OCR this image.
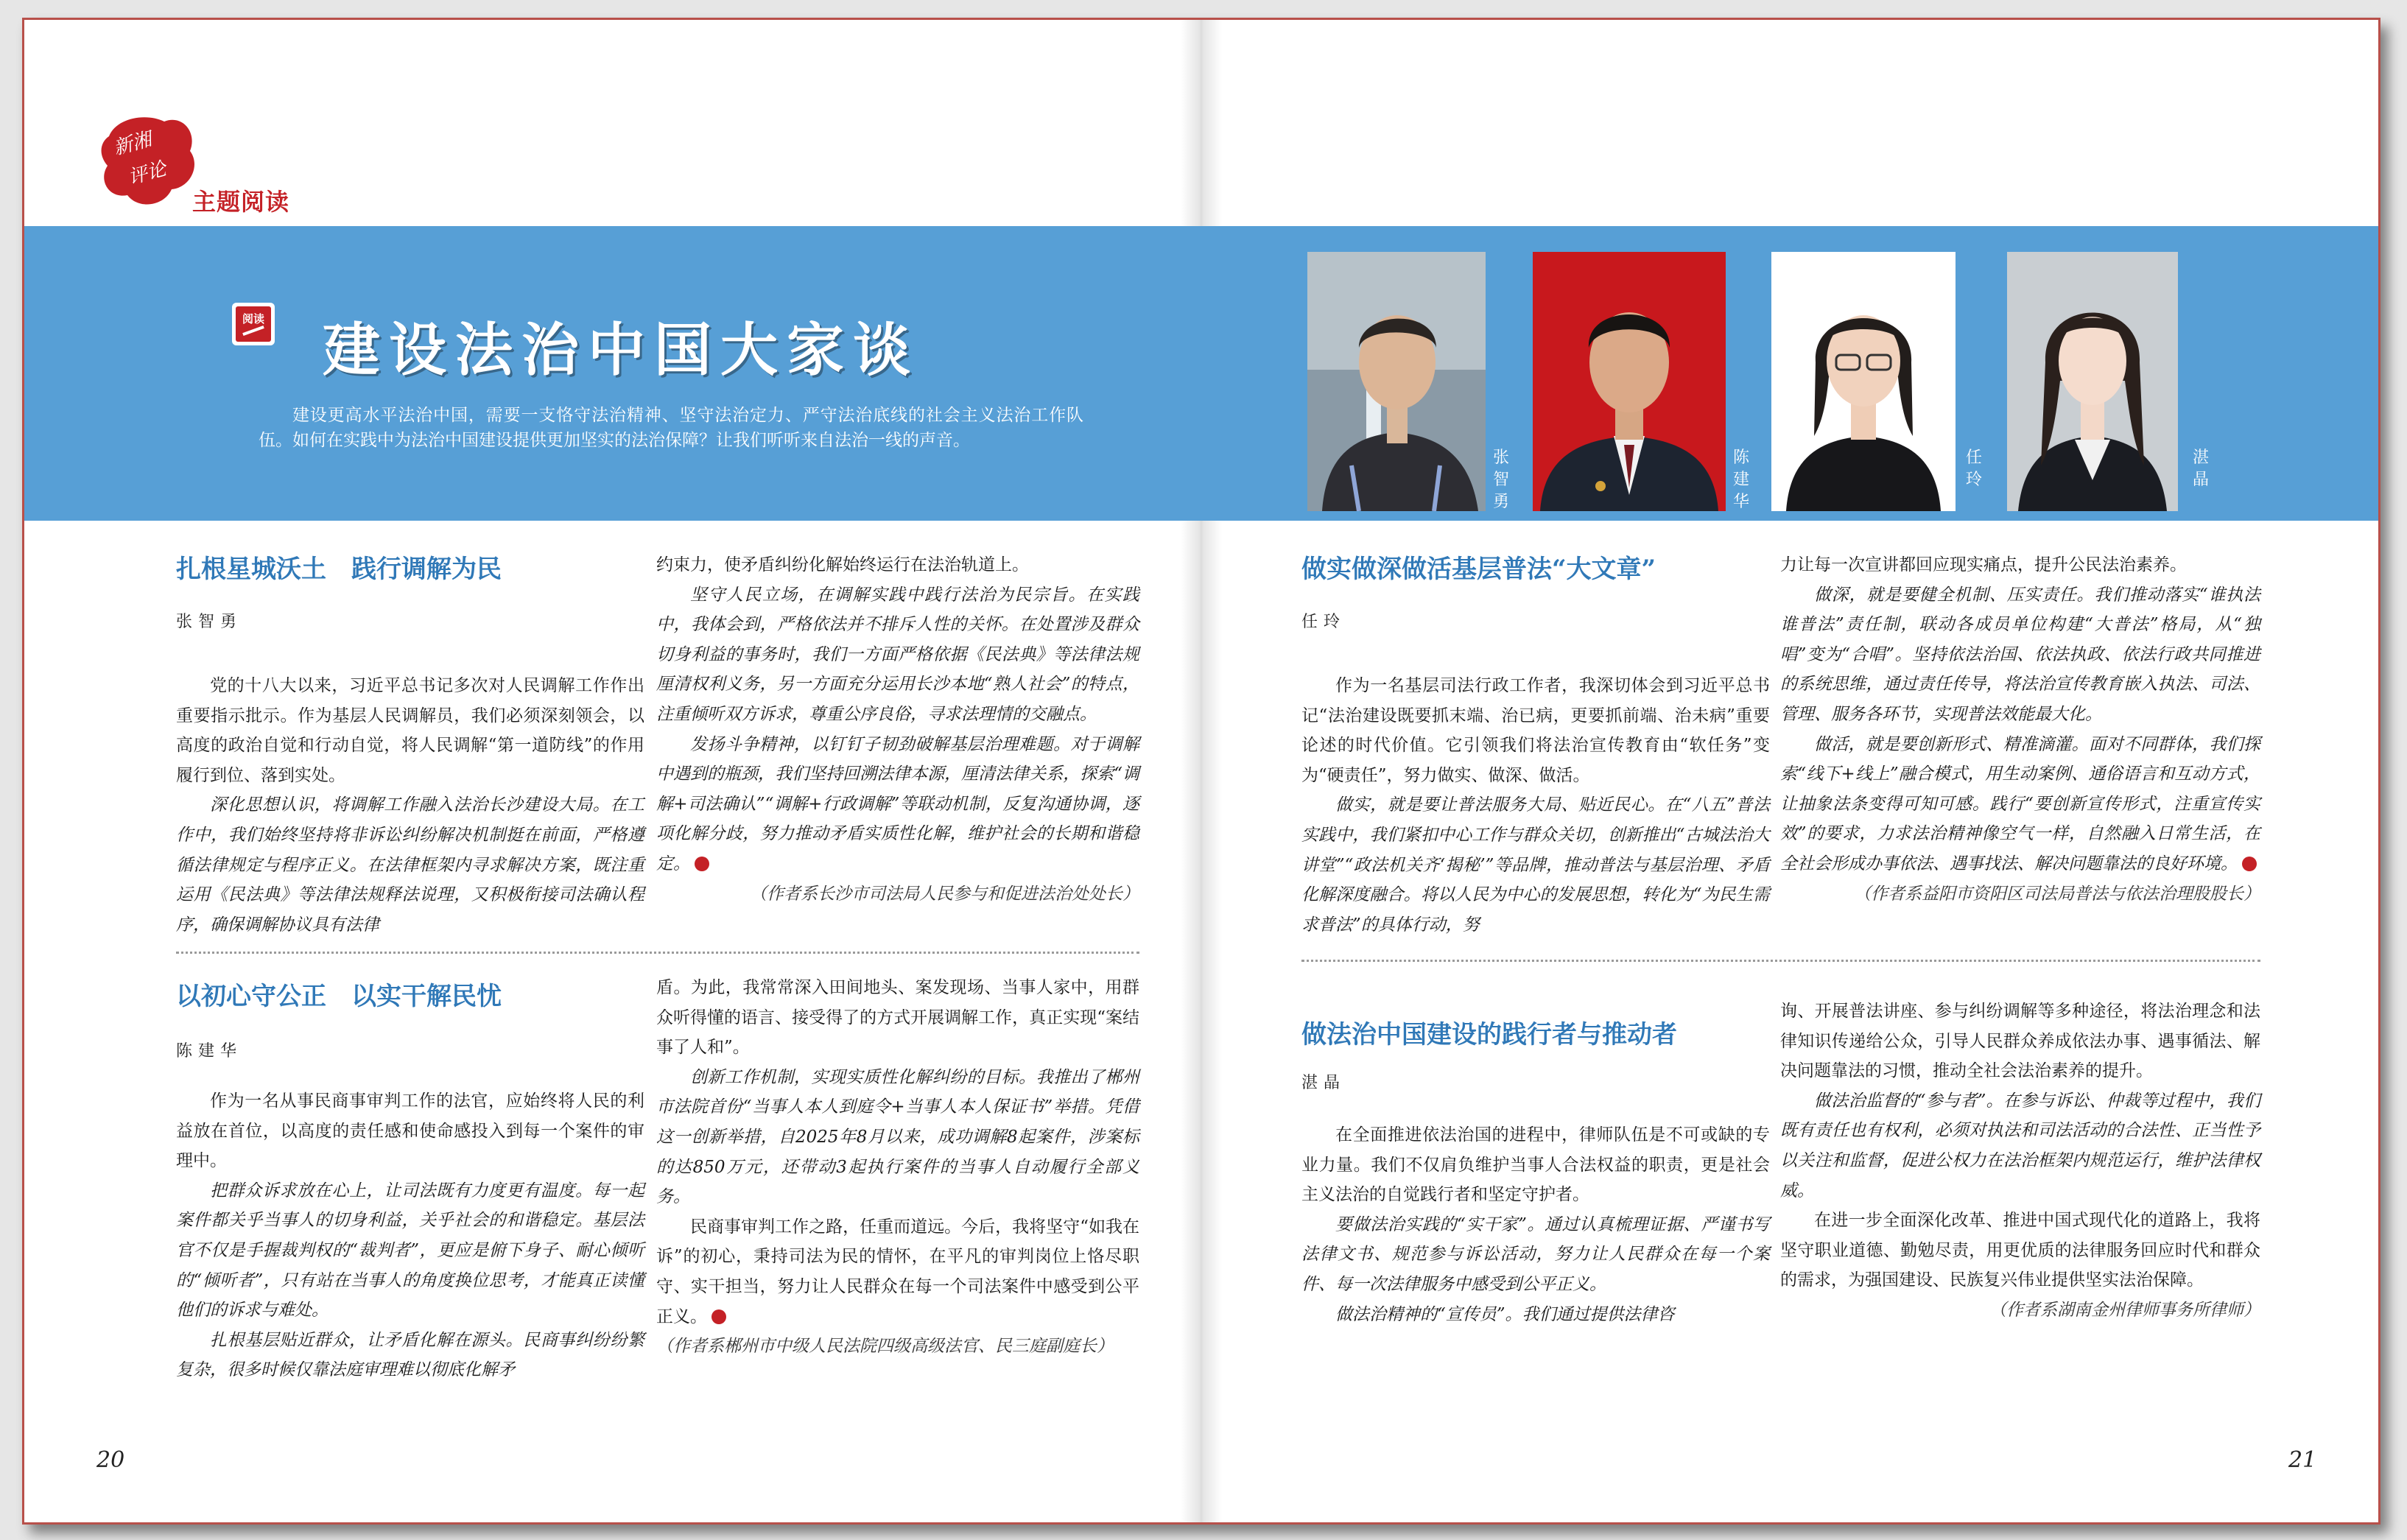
新湘
评论
主题阅读
阅读 建设法治中国大家谈
建设更高水平法治中国，需要一支恪守法治精神、坚守法治定力、严守法治底线的社会主义法治工作队伍。如何在实践中为法治中国建设提供更加坚实的法治保障？让我们听听来自法治一线的声音。
张智勇
陈建华
任玲
湛晶
扎根星城沃土　践行调解为民
张智勇

党的十八大以来，习近平总书记多次对人民调解工作作出重要指示批示。作为基层人民调解员，我们必须深刻领会，以高度的政治自觉和行动自觉，将人民调解“第一道防线”的作用履行到位、落到实处。

深化思想认识，将调解工作融入法治长沙建设大局。在工作中，我们始终坚持将非诉讼纠纷解决机制挺在前面，严格遵循法律规定与程序正义。在法律框架内寻求解决方案，既注重运用《民法典》等法律法规释法说理，又积极衔接司法确认程序，确保调解协议具有法律

约束力，使矛盾纠纷化解始终运行在法治轨道上。

坚守人民立场，在调解实践中践行法治为民宗旨。在实践中，我体会到，严格依法并不排斥人性的关怀。在处置涉及群众切身利益的事务时，我们一方面严格依据《民法典》等法律法规厘清权利义务，另一方面充分运用长沙本地“熟人社会”的特点，注重倾听双方诉求，尊重公序良俗，寻求法理情的交融点。

发扬斗争精神，以钉钉子韧劲破解基层治理难题。对于调解中遇到的瓶颈，我们坚持回溯法律本源，厘清法律关系，探索“调解+司法确认”“调解+行政调解”等联动机制，反复沟通协调，逐项化解分歧，努力推动矛盾实质性化解，维护社会的长期和谐稳定。

（作者系长沙市司法局人民参与和促进法治处处长）

以初心守公正　以实干解民忧
陈建华

作为一名从事民商事审判工作的法官，应始终将人民的利益放在首位，以高度的责任感和使命感投入到每一个案件的审理中。

把群众诉求放在心上，让司法既有力度更有温度。每一起案件都关乎当事人的切身利益，关乎社会的和谐稳定。基层法官不仅是手握裁判权的“裁判者”，更应是俯下身子、耐心倾听的“倾听者”，只有站在当事人的角度换位思考，才能真正读懂他们的诉求与难处。

扎根基层贴近群众，让矛盾化解在源头。民商事纠纷纷繁复杂，很多时候仅靠法庭审理难以彻底化解矛

盾。为此，我常常深入田间地头、案发现场、当事人家中，用群众听得懂的语言、接受得了的方式开展调解工作，真正实现“案结事了人和”。

创新工作机制，实现实质性化解纠纷的目标。我推出了郴州市法院首份“当事人本人到庭令+当事人本人保证书”举措。凭借这一创新举措，自2025年8月以来，成功调解8起案件，涉案标的达850万元，还带动3起执行案件的当事人自动履行全部义务。

民商事审判工作之路，任重而道远。今后，我将坚守“如我在诉”的初心，秉持司法为民的情怀，在平凡的审判岗位上恪尽职守、实干担当，努力让人民群众在每一个司法案件中感受到公平正义。

（作者系郴州市中级人民法院四级高级法官、民三庭副庭长）

做实做深做活基层普法“大文章”
任玲

作为一名基层司法行政工作者，我深切体会到习近平总书记“法治建设既要抓末端、治已病，更要抓前端、治未病”重要论述的时代价值。它引领我们将法治宣传教育由“软任务”变为“硬责任”，努力做实、做深、做活。

做实，就是要让普法服务大局、贴近民心。在“八五”普法实践中，我们紧扣中心工作与群众关切，创新推出“古城法治大讲堂”“政法机关齐‘揭秘’”等品牌，推动普法与基层治理、矛盾化解深度融合。将以人民为中心的发展思想，转化为“为民生需求普法”的具体行动，努

力让每一次宣讲都回应现实痛点，提升公民法治素养。

做深，就是要健全机制、压实责任。我们推动落实“谁执法谁普法”责任制，联动各成员单位构建“大普法”格局，从“独唱”变为“合唱”。坚持依法治国、依法执政、依法行政共同推进的系统思维，通过责任传导，将法治宣传教育嵌入执法、司法、管理、服务各环节，实现普法效能最大化。

做活，就是要创新形式、精准滴灌。面对不同群体，我们探索“线下+线上”融合模式，用生动案例、通俗语言和互动方式，让抽象法条变得可知可感。践行“要创新宣传形式，注重宣传实效”的要求，力求法治精神像空气一样，自然融入日常生活，在全社会形成办事依法、遇事找法、解决问题靠法的良好环境。

（作者系益阳市资阳区司法局普法与依法治理股股长）

做法治中国建设的践行者与推动者
湛晶

在全面推进依法治国的进程中，律师队伍是不可或缺的专业力量。我们不仅肩负维护当事人合法权益的职责，更是社会主义法治的自觉践行者和坚定守护者。

要做法治实践的“实干家”。通过认真梳理证据、严谨书写法律文书、规范参与诉讼活动，努力让人民群众在每一个案件、每一次法律服务中感受到公平正义。

做法治精神的“宣传员”。我们通过提供法律咨

询、开展普法讲座、参与纠纷调解等多种途径，将法治理念和法律知识传递给公众，引导人民群众养成依法办事、遇事循法、解决问题靠法的习惯，推动全社会法治素养的提升。

做法治监督的“参与者”。在参与诉讼、仲裁等过程中，我们既有责任也有权利，必须对执法和司法活动的合法性、正当性予以关注和监督，促进公权力在法治框架内规范运行，维护法律权威。

在进一步全面深化改革、推进中国式现代化的道路上，我将坚守职业道德、勤勉尽责，用更优质的法律服务回应时代和群众的需求，为强国建设、民族复兴伟业提供坚实法治保障。

（作者系湖南金州律师事务所律师）

20	21
